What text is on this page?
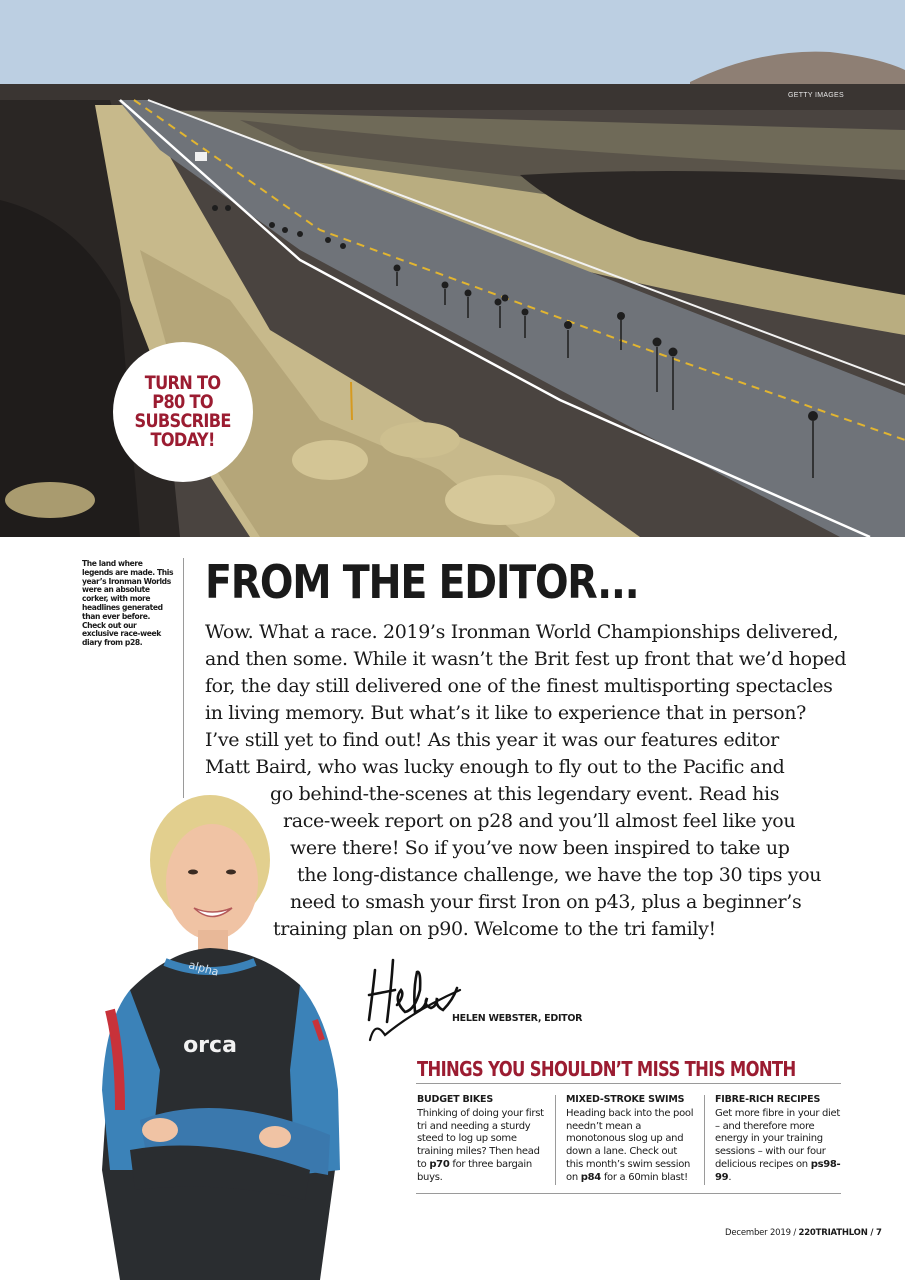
GETTY IMAGES
TURN TO
P80 TO
SUBSCRIBE
TODAY!
The land where legends are made. This year’s Ironman Worlds were an absolute corker, with more headlines generated than ever before. Check out our exclusive race-week diary from p28.
FROM THE EDITOR...
Wow. What a race. 2019’s Ironman World Championships delivered,
and then some. While it wasn’t the Brit fest up front that we’d hoped
for, the day still delivered one of the finest multisporting spectacles
in living memory. But what’s it like to experience that in person?
I’ve still yet to find out! As this year it was our features editor
Matt Baird, who was lucky enough to fly out to the Pacific and
go behind-the-scenes at this legendary event. Read his
race-week report on p28 and you’ll almost feel like you
were there! So if you’ve now been inspired to take up
the long-distance challenge, we have the top 30 tips you
need to smash your first Iron on p43, plus a beginner’s
training plan on p90. Welcome to the tri family!
orca
alpha
HELEN WEBSTER, EDITOR
THINGS YOU SHOULDN’T MISS THIS MONTH
BUDGET BIKES

Thinking of doing your first tri and needing a sturdy steed to log up some training miles? Then head to p70 for three bargain buys.

MIXED-STROKE SWIMS

Heading back into the pool needn’t mean a monotonous slog up and down a lane. Check out this month’s swim session on p84 for a 60min blast!

FIBRE-RICH RECIPES

Get more fibre in your diet – and therefore more energy in your training sessions – with our four delicious recipes on ps98-99.

December 2019 / 220TRIATHLON / 7
